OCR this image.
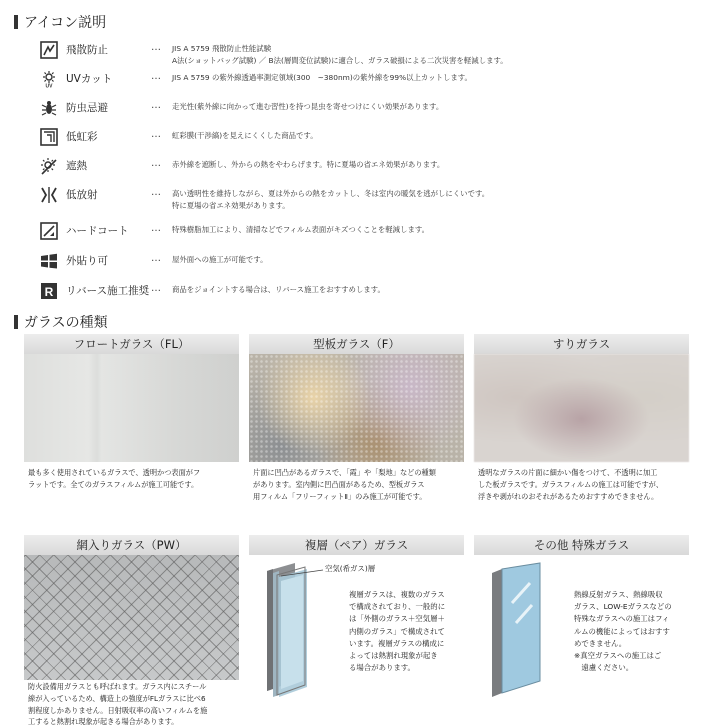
アイコン説明
飛散防止	… JIS A 5759 飛散防止性能試験
A法(ショットバッグ試験) ／ B法(層間変位試験)に適合し、ガラス破損による二次災害を軽減します。
UV
UVカット	… JIS A 5759 の紫外線透過率測定領域(300　~380nm)の紫外線を99%以上カットします。
防虫忌避	… 走光性(紫外線に向かって進む習性)を持つ昆虫を寄せつけにくい効果があります。
低虹彩	… 虹彩膜(干渉縞)を見えにくくした商品です。
遮熱	… 赤外線を遮断し、外からの熱をやわらげます。特に夏場の省エネ効果があります。
低放射	… 高い透明性を維持しながら、夏は外からの熱をカットし、冬は室内の暖気を逃がしにくいです。
特に夏場の省エネ効果があります。
ハードコート … 特殊樹脂加工により、清掃などでフィルム表面がキズつくことを軽減します。
外貼り可	… 屋外面への施工が可能です。
R リバース施工推奨 … 商品をジョイントする場合は、リバース施工をおすすめします。
ガラスの種類
フロートガラス（FL）
最も多く使用されているガラスで、透明かつ表面がフ
ラットです。全てのガラスフィルムが施工可能です。
型板ガラス（F）
片面に凹凸があるガラスで、「霞」や「梨地」などの種類
があります。室内側に凹凸面があるため、型板ガラス
用フィルム「フリーフィットⅡ」のみ施工が可能です。
すりガラス
透明なガラスの片面に細かい傷をつけて、不透明に加工
した板ガラスです。ガラスフィルムの施工は可能ですが、
浮きや剥がれのおそれがあるためおすすめできません。
網入りガラス（PW）
防火設備用ガラスとも呼ばれます。ガラス内にスチール
線が入っているため、構造上の強度がFLガラスに比べ6
割程度しかありません。日射吸収率の高いフィルムを施
工すると熱割れ現象が起きる場合があります。
複層（ペア）ガラス
空気(希ガス)層
複層ガラスは、複数のガラス
で構成されており、一般的に
は「外側のガラス＋空気層＋
内側のガラス」で構成されて
います。複層ガラスの構成に
よっては熱割れ現象が起き
る場合があります。
その他 特殊ガラス
熱線反射ガラス、熱線吸収
ガラス、LOW-Eガラスなどの
特殊なガラスへの施工はフィ
ルムの機能によってはおすす
めできません。
※真空ガラスへの施工はご
　遠慮ください。
